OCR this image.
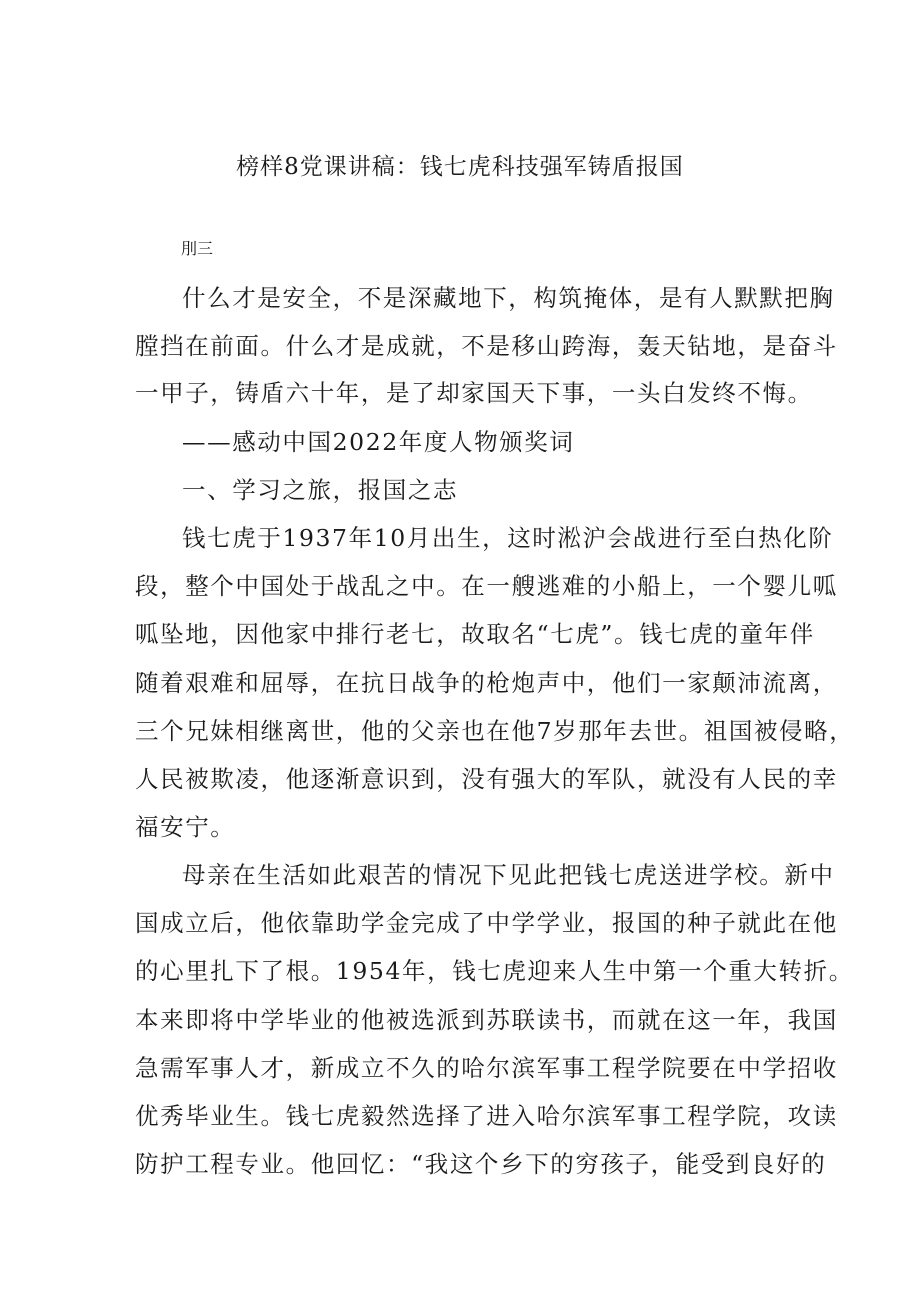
榜样8党课讲稿：钱七虎科技强军铸盾报国
刖三
什么才是安全，不是深藏地下，构筑掩体，是有人默默把胸
膛挡在前面。什么才是成就，不是移山跨海，轰天钻地，是奋斗
一甲子，铸盾六十年，是了却家国天下事，一头白发终不悔。
——感动中国2022年度人物颁奖词
一、学习之旅，报国之志
钱七虎于1937年10月出生，这时淞沪会战进行至白热化阶
段，整个中国处于战乱之中。在一艘逃难的小船上，一个婴儿呱
呱坠地，因他家中排行老七，故取名“七虎”。钱七虎的童年伴
随着艰难和屈辱，在抗日战争的枪炮声中，他们一家颠沛流离，
三个兄妹相继离世，他的父亲也在他7岁那年去世。祖国被侵略，
人民被欺凌，他逐渐意识到，没有强大的军队，就没有人民的幸
福安宁。
母亲在生活如此艰苦的情况下见此把钱七虎送进学校。新中
国成立后，他依靠助学金完成了中学学业，报国的种子就此在他
的心里扎下了根。1954年，钱七虎迎来人生中第一个重大转折。
本来即将中学毕业的他被选派到苏联读书，而就在这一年，我国
急需军事人才，新成立不久的哈尔滨军事工程学院要在中学招收
优秀毕业生。钱七虎毅然选择了进入哈尔滨军事工程学院，攻读
防护工程专业。他回忆：“我这个乡下的穷孩子，能受到良好的
